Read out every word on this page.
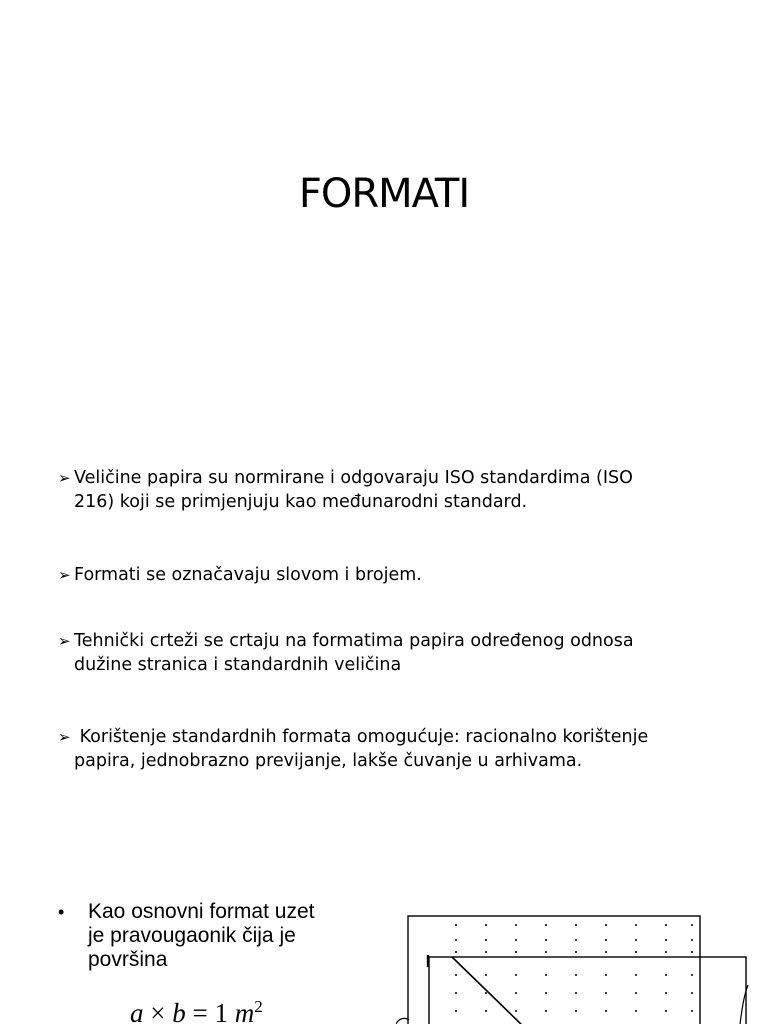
FORMATI
➢ Veličine papira su normirane i odgovaraju ISO standardima (ISO
216) koji se primjenjuju kao međunarodni standard.
➢ Formati se označavaju slovom i brojem.
➢ Tehnički crteži se crtaju na formatima papira određenog odnosa
dužine stranica i standardnih veličina
➢ Korištenje standardnih formata omogućuje: racionalno korištenje
papira, jednobrazno previjanje, lakše čuvanje u arhivama.
• Kao osnovni format uzet
je pravougaonik čija je
površina
a × b = 1 $m^2$
